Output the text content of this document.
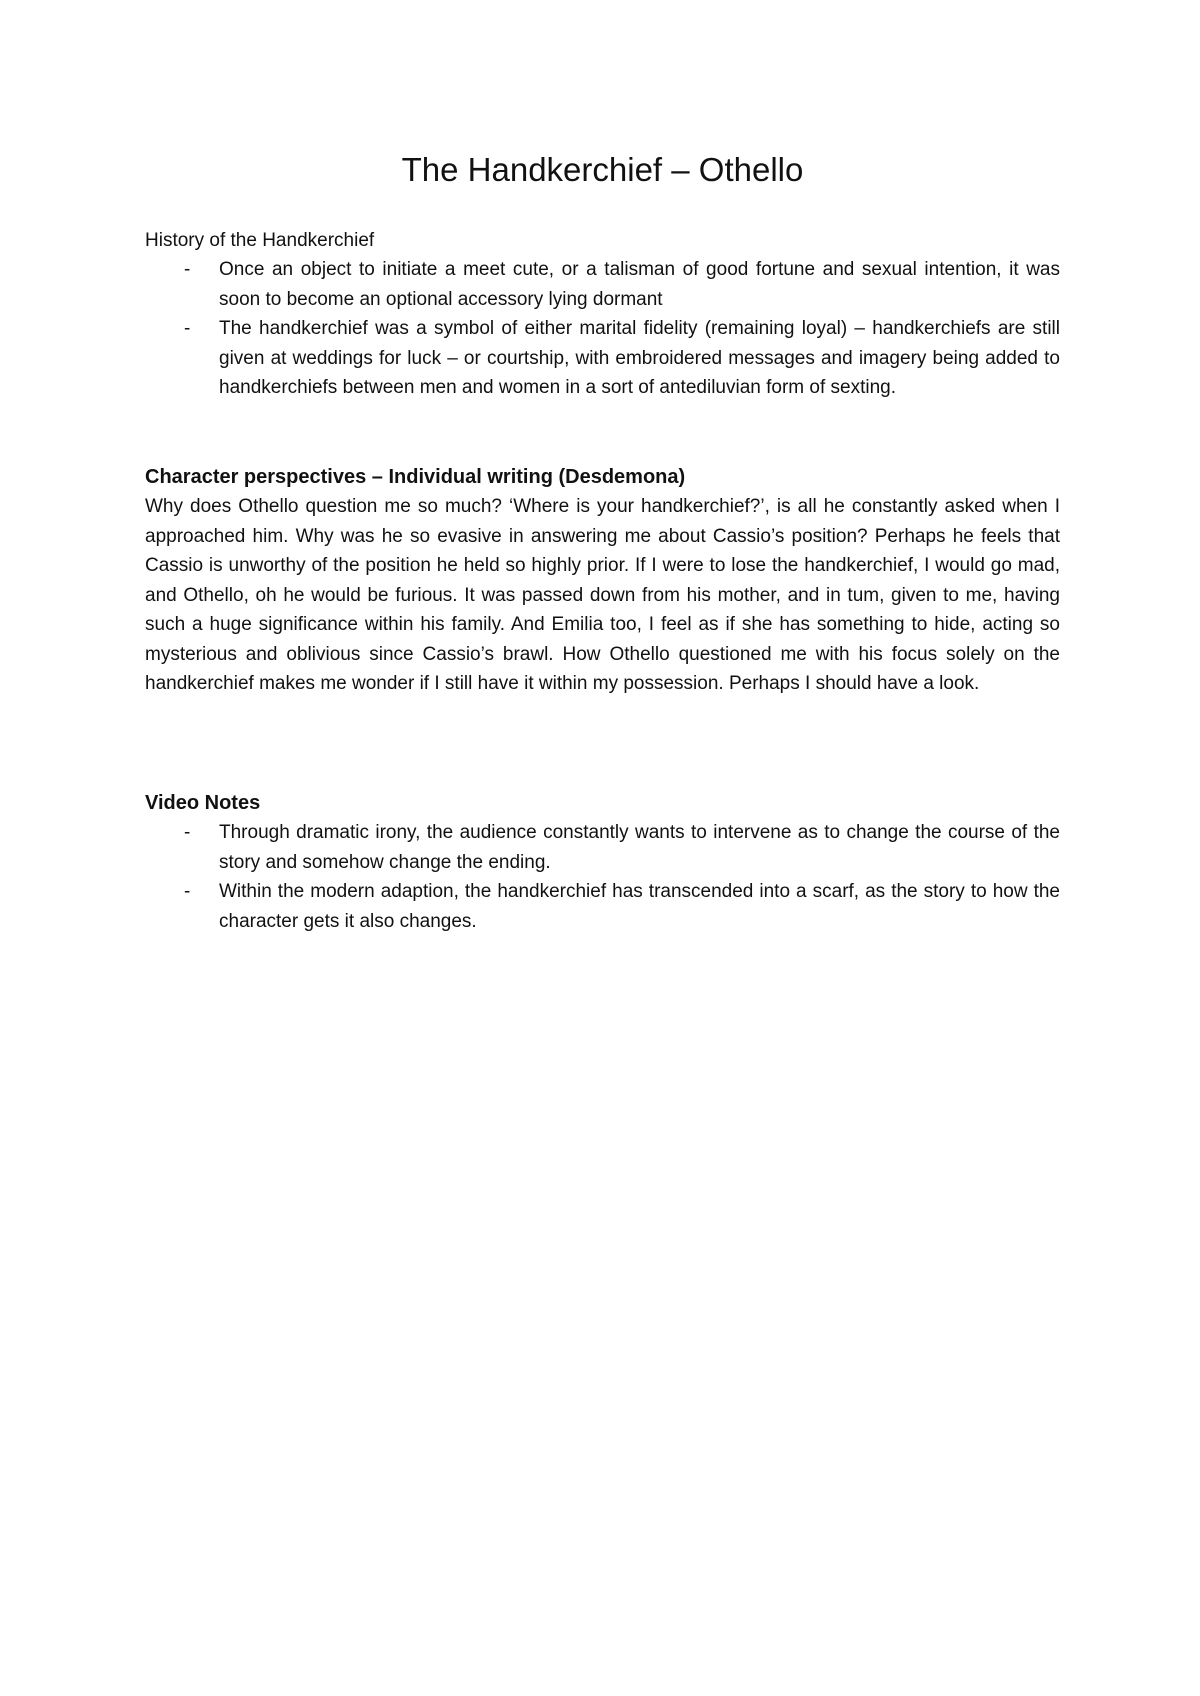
The Handkerchief – Othello

History of the Handkerchief

- Once an object to initiate a meet cute, or a talisman of good fortune and sexual intention, it was soon to become an optional accessory lying dormant
- The handkerchief was a symbol of either marital fidelity (remaining loyal) – handkerchiefs are still given at weddings for luck – or courtship, with embroidered messages and imagery being added to handkerchiefs between men and women in a sort of antediluvian form of sexting.

Character perspectives – Individual writing (Desdemona)

Why does Othello question me so much? ‘Where is your handkerchief?’, is all he constantly asked when I approached him. Why was he so evasive in answering me about Cassio’s position? Perhaps he feels that Cassio is unworthy of the position he held so highly prior. If I were to lose the handkerchief, I would go mad, and Othello, oh he would be furious. It was passed down from his mother, and in tum, given to me, having such a huge significance within his family. And Emilia too, I feel as if she has something to hide, acting so mysterious and oblivious since Cassio’s brawl. How Othello questioned me with his focus solely on the handkerchief makes me wonder if I still have it within my possession. Perhaps I should have a look.

Video Notes

- Through dramatic irony, the audience constantly wants to intervene as to change the course of the story and somehow change the ending.
- Within the modern adaption, the handkerchief has transcended into a scarf, as the story to how the character gets it also changes.
